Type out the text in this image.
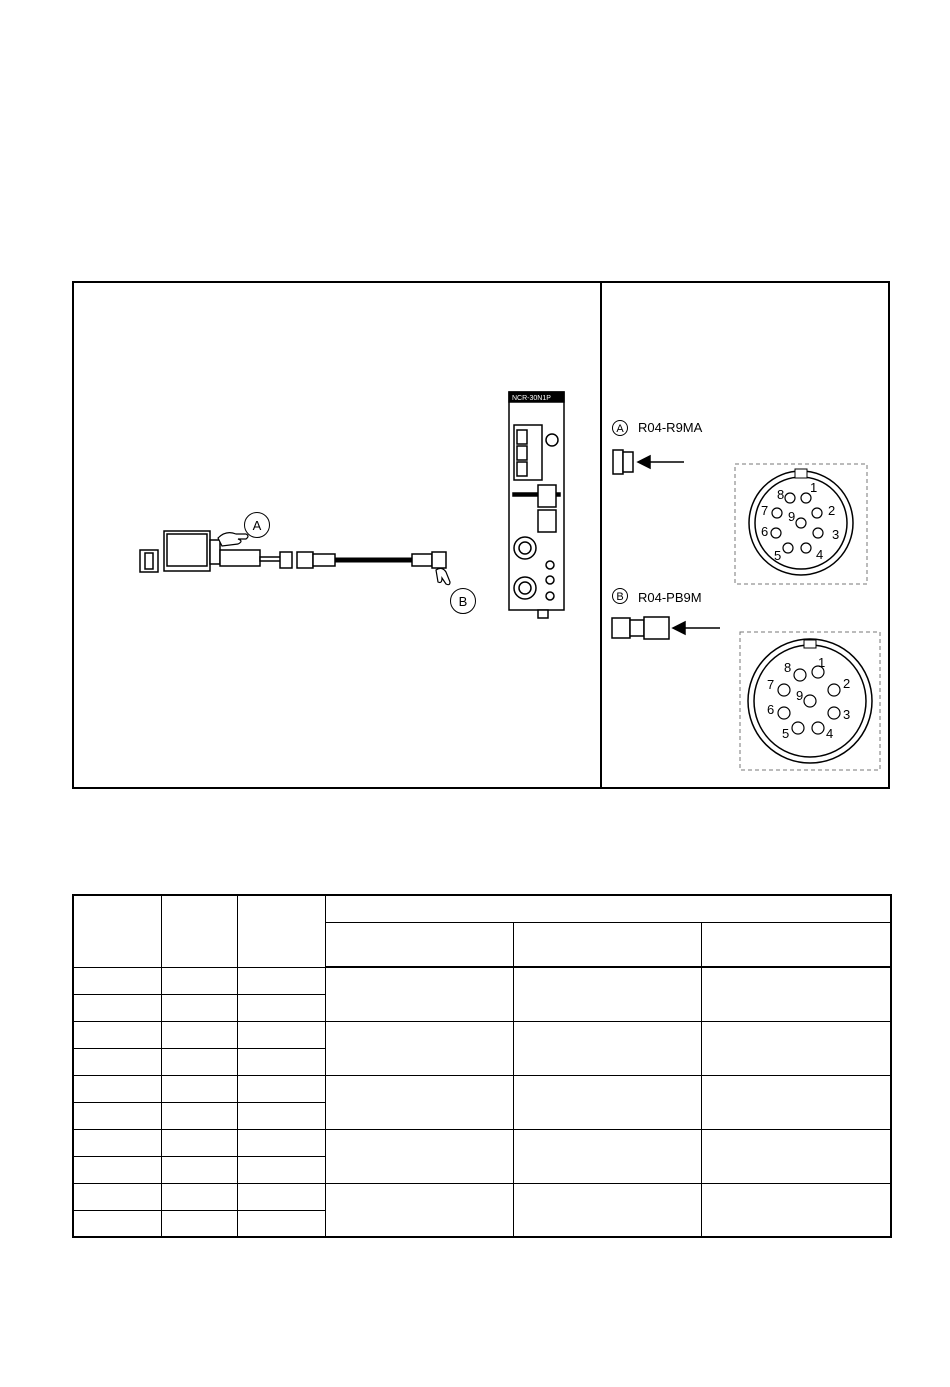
NCR-30N1P
A
B
A	R04-R9MA
B	R04-PB9M
1
2
3
4
5
6
7
8
9
1
2
3
4
5
6
7
8
9
